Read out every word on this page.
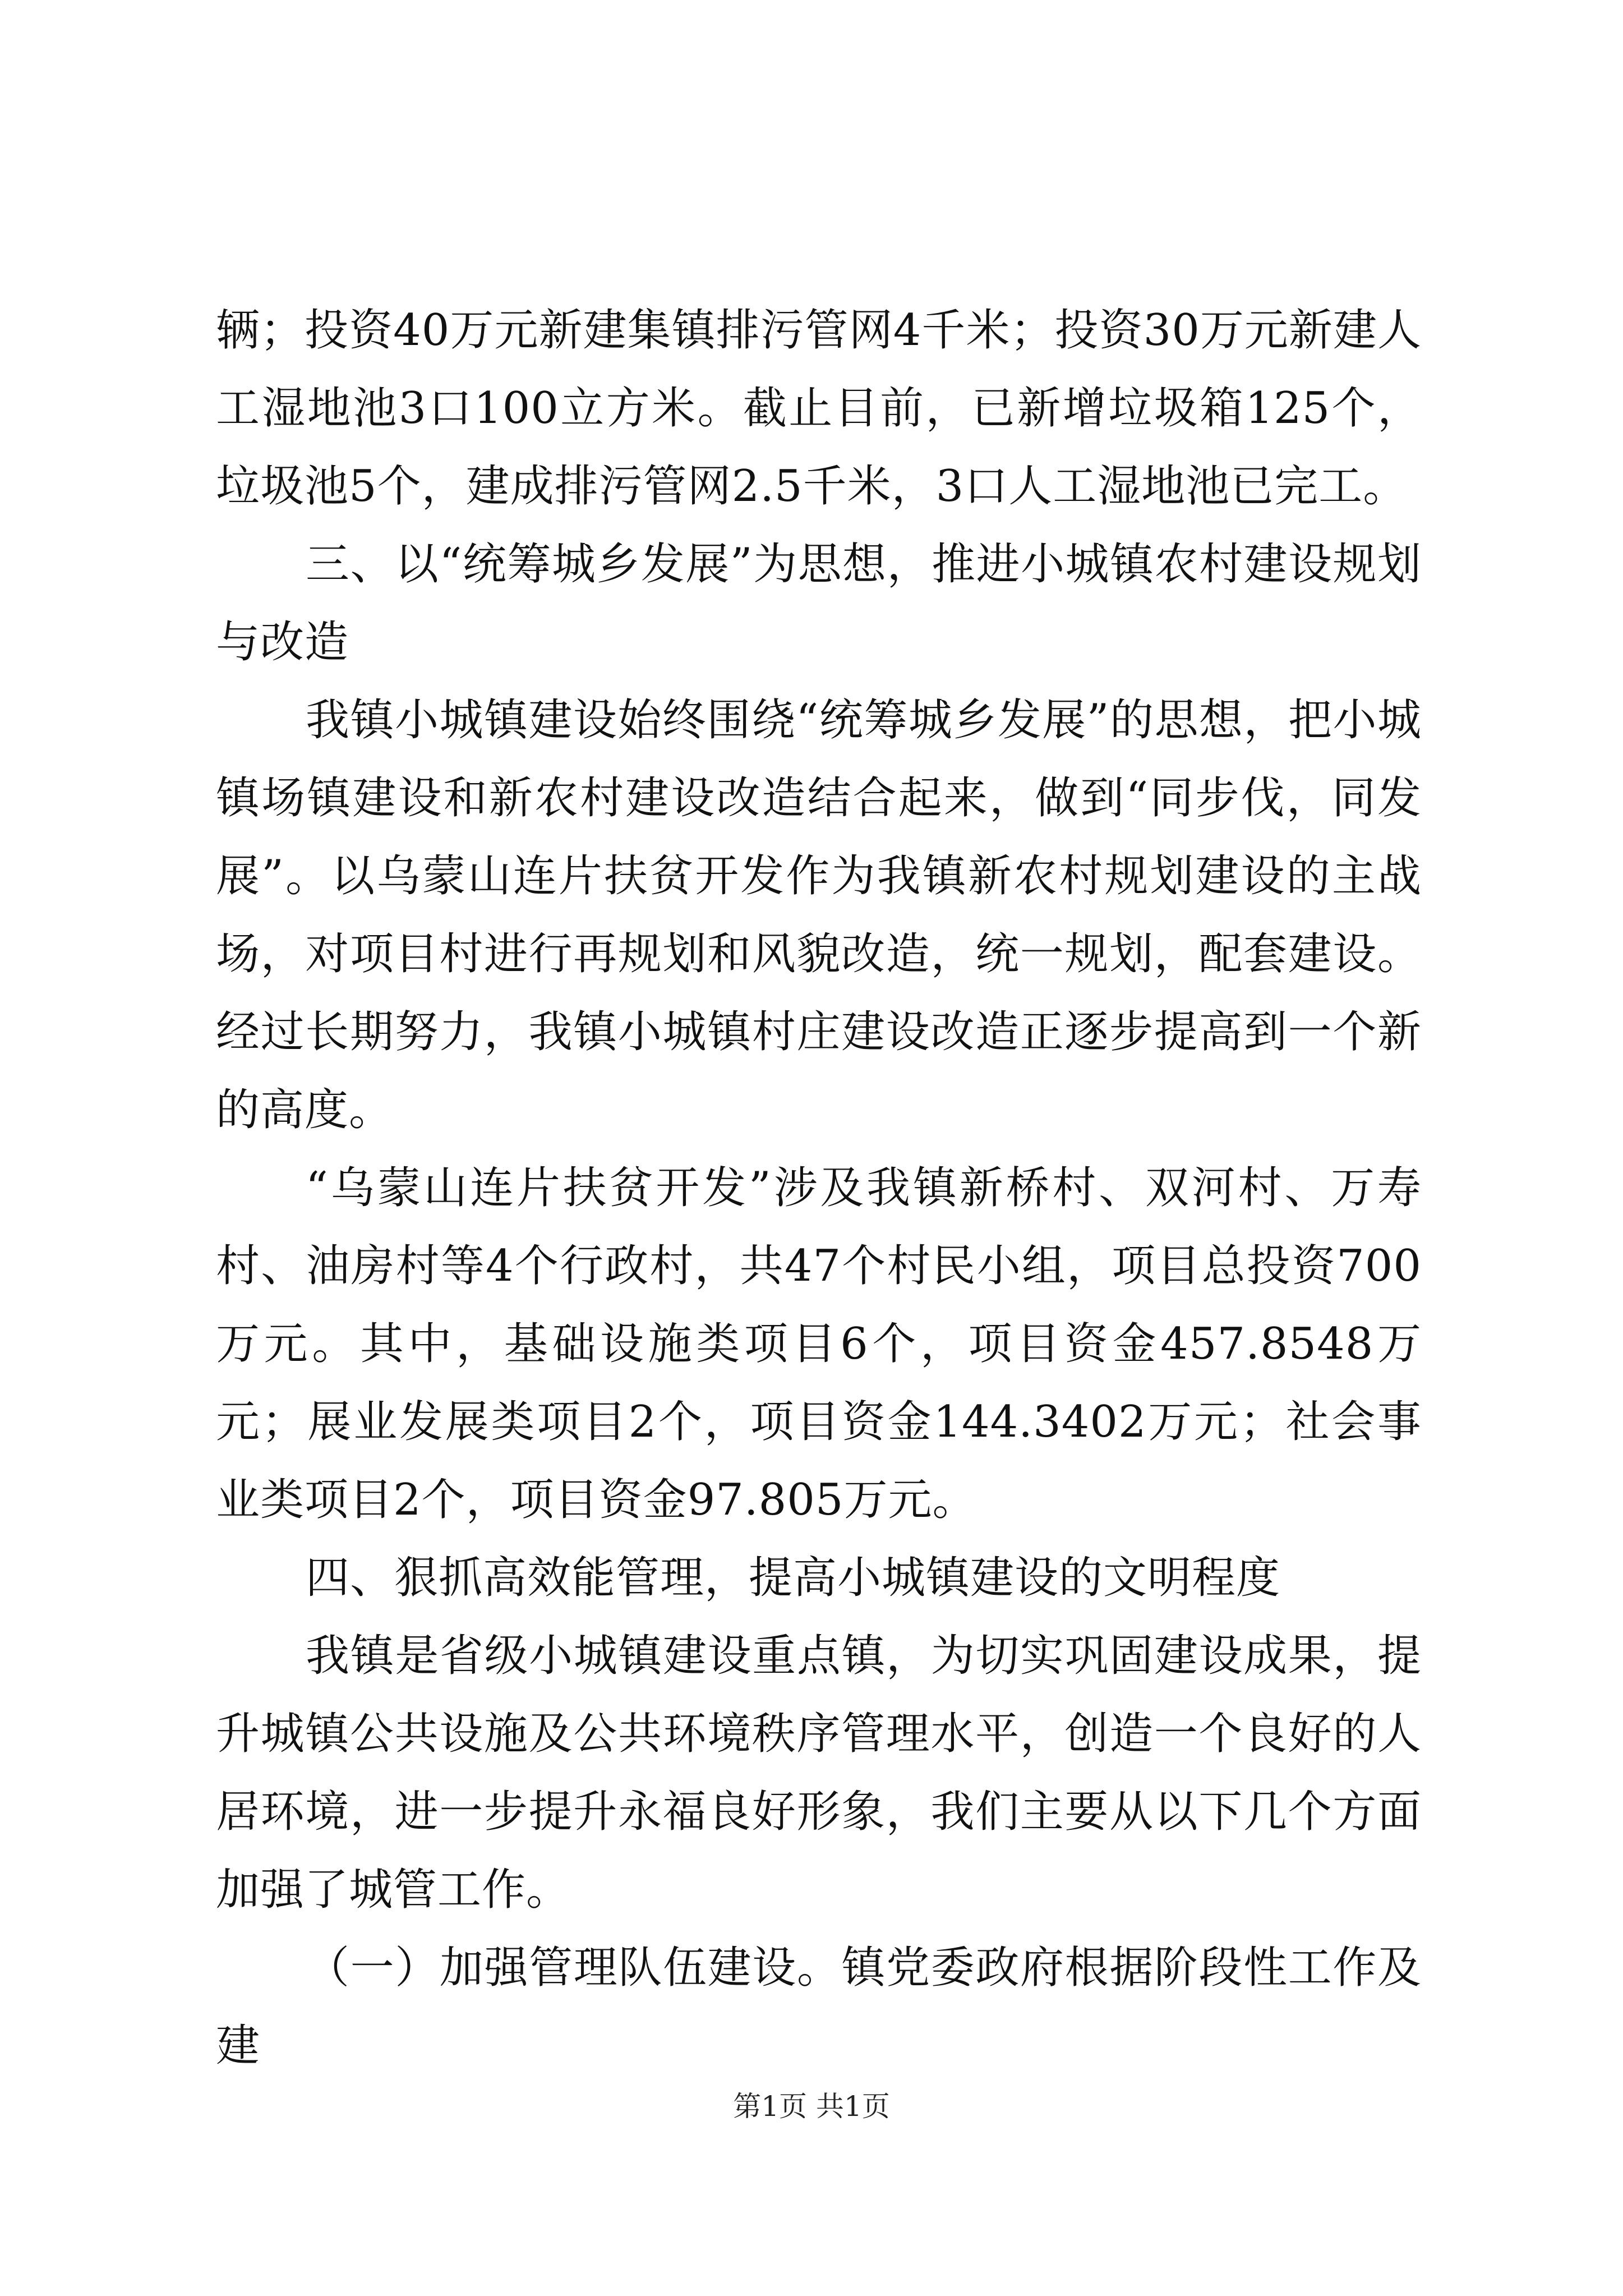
辆；投资40万元新建集镇排污管网4千米；投资30万元新建人工湿地池3口100立方米。截止目前，已新增垃圾箱125个，垃圾池5个，建成排污管网2.5千米，3口人工湿地池已完工。

三、以“统筹城乡发展”为思想，推进小城镇农村建设规划与改造

我镇小城镇建设始终围绕“统筹城乡发展”的思想，把小城镇场镇建设和新农村建设改造结合起来，做到“同步伐，同发展”。以乌蒙山连片扶贫开发作为我镇新农村规划建设的主战场，对项目村进行再规划和风貌改造，统一规划，配套建设。经过长期努力，我镇小城镇村庄建设改造正逐步提高到一个新的高度。

“乌蒙山连片扶贫开发”涉及我镇新桥村、双河村、万寿村、油房村等4个行政村，共47个村民小组，项目总投资700万元。其中，基础设施类项目6个，项目资金457.8548万元；展业发展类项目2个，项目资金144.3402万元；社会事业类项目2个，项目资金97.805万元。

四、狠抓高效能管理，提高小城镇建设的文明程度

我镇是省级小城镇建设重点镇，为切实巩固建设成果，提升城镇公共设施及公共环境秩序管理水平，创造一个良好的人居环境，进一步提升永福良好形象，我们主要从以下几个方面加强了城管工作。

（一）加强管理队伍建设。镇党委政府根据阶段性工作及建

第1页 共1页
